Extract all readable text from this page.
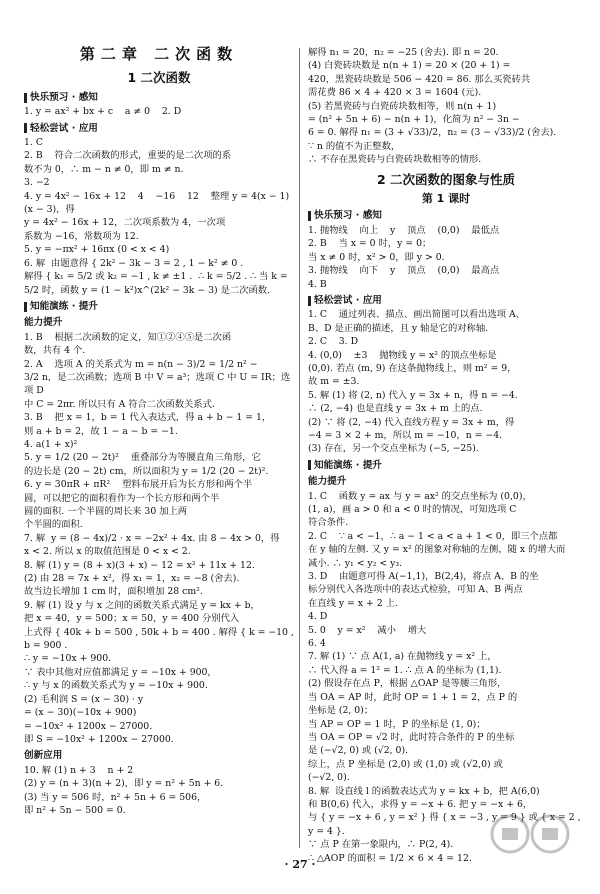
第二章 二次函数
1 二次函数
快乐预习 · 感知
1. y = ax² + bx + c    a ≠ 0    2. D
轻松尝试 · 应用
1. C
2. B    符合二次函数的形式，重要的是二次项的系
数不为 0，∴ m − n ≠ 0，即 m ≠ n.
3. −2
4. y = 4x² − 16x + 12    4    −16    12    整理 y = 4(x − 1)(x − 3)，得
y = 4x² − 16x + 12，二次项系数为 4，一次项
系数为 −16，常数项为 12.
5. y = −πx² + 16πx (0 < x < 4)
6. 解  由题意得 { 2k² − 3k − 3 = 2 , 1 − k² ≠ 0 .
解得 { k₁ = 5/2 或 k₂ = −1 , k ≠ ±1 .  ∴ k = 5/2 . ∴ 当 k =
5/2 时，函数 y = (1 − k²)x^(2k² − 3k − 3) 是二次函数.
知能演练 · 提升
能力提升
1. B    根据二次函数的定义，知①②④⑤是二次函
数，共有 4 个.
2. A    选项 A 的关系式为 m = n(n − 3)/2 = 1/2 n² −
3/2 n，是二次函数；选项 B 中 V = a³；选项 C 中 U = IR；选项 D
中 C = 2πr. 所以只有 A 符合二次函数关系式.
3. B    把 x = 1，b = 1 代入表达式，得 a + b − 1 = 1，
则 a + b = 2，故 1 − a − b = −1.
4. a(1 + x)²
5. y = 1/2 (20 − 2t)²    重叠部分为等腰直角三角形，它
的边长是 (20 − 2t) cm，所以面积为 y = 1/2 (20 − 2t)².
6. y = 30πR + πR²    塑料布展开后为长方形和两个半
圆，可以把它的面积看作为一个长方形和两个半
圆的面积. 一个半圆的周长来 30 加上两
个半圆的面积.
7. 解  y = (8 − 4x)/2 · x = −2x² + 4x. 由 8 − 4x > 0，得
x < 2. 所以 x 的取值范围是 0 < x < 2.
8. 解 (1) y = (8 + x)(3 + x) − 12 = x² + 11x + 12.
(2) 由 28 = 7x + x²，得 x₁ = 1，x₂ = −8 (舍去).
故当边长增加 1 cm 时，面积增加 28 cm².
9. 解 (1) 设 y 与 x 之间的函数关系式满足 y = kx + b，
把 x = 40，y = 500；x = 50，y = 400 分别代入
上式得 { 40k + b = 500 , 50k + b = 400 . 解得 { k = −10 , b = 900 .
∴ y = −10x + 900.
∵ 表中其他对应值都满足 y = −10x + 900，
∴ y 与 x 的函数关系式为 y = −10x + 900.
(2) 毛利润 S = (x − 30) · y
= (x − 30)(−10x + 900)
= −10x² + 1200x − 27000.
即 S = −10x² + 1200x − 27000.
创新应用
10. 解 (1) n + 3    n + 2
(2) y = (n + 3)(n + 2)，即 y = n² + 5n + 6.
(3) 当 y = 506 时，n² + 5n + 6 = 506，
即 n² + 5n − 500 = 0.
解得 n₁ = 20，n₂ = −25 (舍去). 即 n = 20.
(4) 白瓷砖块数是 n(n + 1) = 20 × (20 + 1) =
420，黑瓷砖块数是 506 − 420 = 86. 那么买瓷砖共
需花费 86 × 4 + 420 × 3 = 1604 (元).
(5) 若黑瓷砖与白瓷砖块数相等，则 n(n + 1)
= (n² + 5n + 6) − n(n + 1)，化简为 n² − 3n −
6 = 0. 解得 n₁ = (3 + √33)/2，n₂ = (3 − √33)/2 (舍去).
∵ n 的值不为正整数，
∴ 不存在黑瓷砖与白瓷砖块数相等的情形.
2 二次函数的图象与性质
第 1 课时
快乐预习 · 感知
1. 抛物线    向上    y    顶点    (0,0)    最低点
2. B    当 x = 0 时，y = 0；
当 x ≠ 0 时，x² > 0，即 y > 0.
3. 抛物线    向下    y    顶点    (0,0)    最高点
4. B
轻松尝试 · 应用
1. C    通过列表、描点、画出简图可以看出选项 A、
B、D 是正确的描述，且 y 轴是它的对称轴.
2. C    3. D
4. (0,0)    ±3    抛物线 y = x² 的顶点坐标是
(0,0). 若点 (m, 9) 在这条抛物线上，则 m² = 9，
故 m = ±3.
5. 解 (1) 将 (2, n) 代入 y = 3x + n，得 n = −4.
∴ (2, −4) 也是直线 y = 3x + m 上的点.
(2) ∵ 将 (2, −4) 代入直线方程 y = 3x + m，得
−4 = 3 × 2 + m，所以 m = −10，n = −4.
(3) 存在，另一个交点坐标为 (−5, −25).
知能演练 · 提升
能力提升
1. C    函数 y = ax 与 y = ax² 的交点坐标为 (0,0)，
(1, a)，画 a > 0 和 a < 0 时的情况，可知选项 C
符合条件.
2. C    ∵ a < −1，∴ a − 1 < a < a + 1 < 0，即三个点都
在 y 轴的左侧. 又 y = x² 的图象对称轴的左侧，随 x 的增大而
减小. ∴ y₁ < y₂ < y₃.
3. D    由题意可得 A(−1,1)，B(2,4)，将点 A、B 的坐
标分别代入各选项中的表达式检验，可知 A、B 两点
在直线 y = x + 2 上.
4. D
5. 0    y = x²    减小    增大
6. 4
7. 解 (1) ∵ 点 A(1, a) 在抛物线 y = x² 上，
∴ 代入得 a = 1² = 1. ∴ 点 A 的坐标为 (1,1).
(2) 假设存在点 P，根据 △OAP 是等腰三角形，
当 OA = AP 时，此时 OP = 1 + 1 = 2，点 P 的
坐标是 (2, 0)；
当 AP = OP = 1 时，P 的坐标是 (1, 0)；
当 OA = OP = √2 时，此时符合条件的 P 的坐标
是 (−√2, 0) 或 (√2, 0).
综上，点 P 坐标是 (2,0) 或 (1,0) 或 (√2,0) 或
(−√2, 0).
8. 解  设直线 l 的函数表达式为 y = kx + b，把 A(6,0)
和 B(0,6) 代入，求得 y = −x + 6. 把 y = −x + 6，
与 { y = −x + 6 , y = x² } 得 { x = −3 , y = 9 } 或 { x = 2 , y = 4 }.
∵ 点 P 在第一象限内，∴ P(2, 4).
∴ △AOP 的面积 = 1/2 × 6 × 4 = 12.
· 27 ·
